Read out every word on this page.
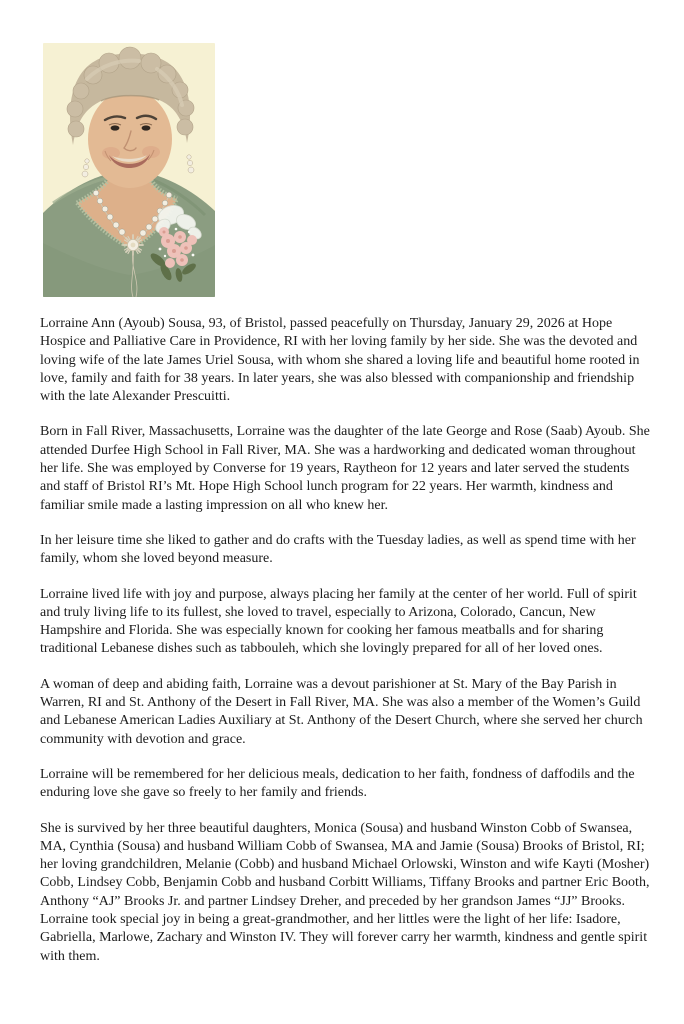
Lorraine Ann (Ayoub) Sousa, 93, of Bristol, passed peacefully on Thursday, January 29, 2026 at Hope Hospice and Palliative Care in Providence, RI with her loving family by her side. She was the devoted and loving wife of the late James Uriel Sousa, with whom she shared a loving life and beautiful home rooted in love, family and faith for 38 years. In later years, she was also blessed with companionship and friendship with the late Alexander Prescuitti.

Born in Fall River, Massachusetts, Lorraine was the daughter of the late George and Rose (Saab) Ayoub. She attended Durfee High School in Fall River, MA. She was a hardworking and dedicated woman throughout her life. She was employed by Converse for 19 years, Raytheon for 12 years and later served the students and staff of Bristol RI’s Mt. Hope High School lunch program for 22 years. Her warmth, kindness and familiar smile made a lasting impression on all who knew her.

In her leisure time she liked to gather and do crafts with the Tuesday ladies, as well as spend time with her family, whom she loved beyond measure.

Lorraine lived life with joy and purpose, always placing her family at the center of her world. Full of spirit and truly living life to its fullest, she loved to travel, especially to Arizona, Colorado, Cancun, New Hampshire and Florida. She was especially known for cooking her famous meatballs and for sharing traditional Lebanese dishes such as tabbouleh, which she lovingly prepared for all of her loved ones.

A woman of deep and abiding faith, Lorraine was a devout parishioner at St. Mary of the Bay Parish in Warren, RI and St. Anthony of the Desert in Fall River, MA. She was also a member of the Women’s Guild and Lebanese American Ladies Auxiliary at St. Anthony of the Desert Church, where she served her church community with devotion and grace.

Lorraine will be remembered for her delicious meals, dedication to her faith, fondness of daffodils and the enduring love she gave so freely to her family and friends.

She is survived by her three beautiful daughters, Monica (Sousa) and husband Winston Cobb of Swansea, MA, Cynthia (Sousa) and husband William Cobb of Swansea, MA and Jamie (Sousa) Brooks of Bristol, RI; her loving grandchildren, Melanie (Cobb) and husband Michael Orlowski, Winston and wife Kayti (Mosher) Cobb, Lindsey Cobb, Benjamin Cobb and husband Corbitt Williams, Tiffany Brooks and partner Eric Booth, Anthony “AJ” Brooks Jr. and partner Lindsey Dreher, and preceded by her grandson James “JJ” Brooks. Lorraine took special joy in being a great-grandmother, and her littles were the light of her life: Isadore, Gabriella, Marlowe, Zachary and Winston IV. They will forever carry her warmth, kindness and gentle spirit with them.
